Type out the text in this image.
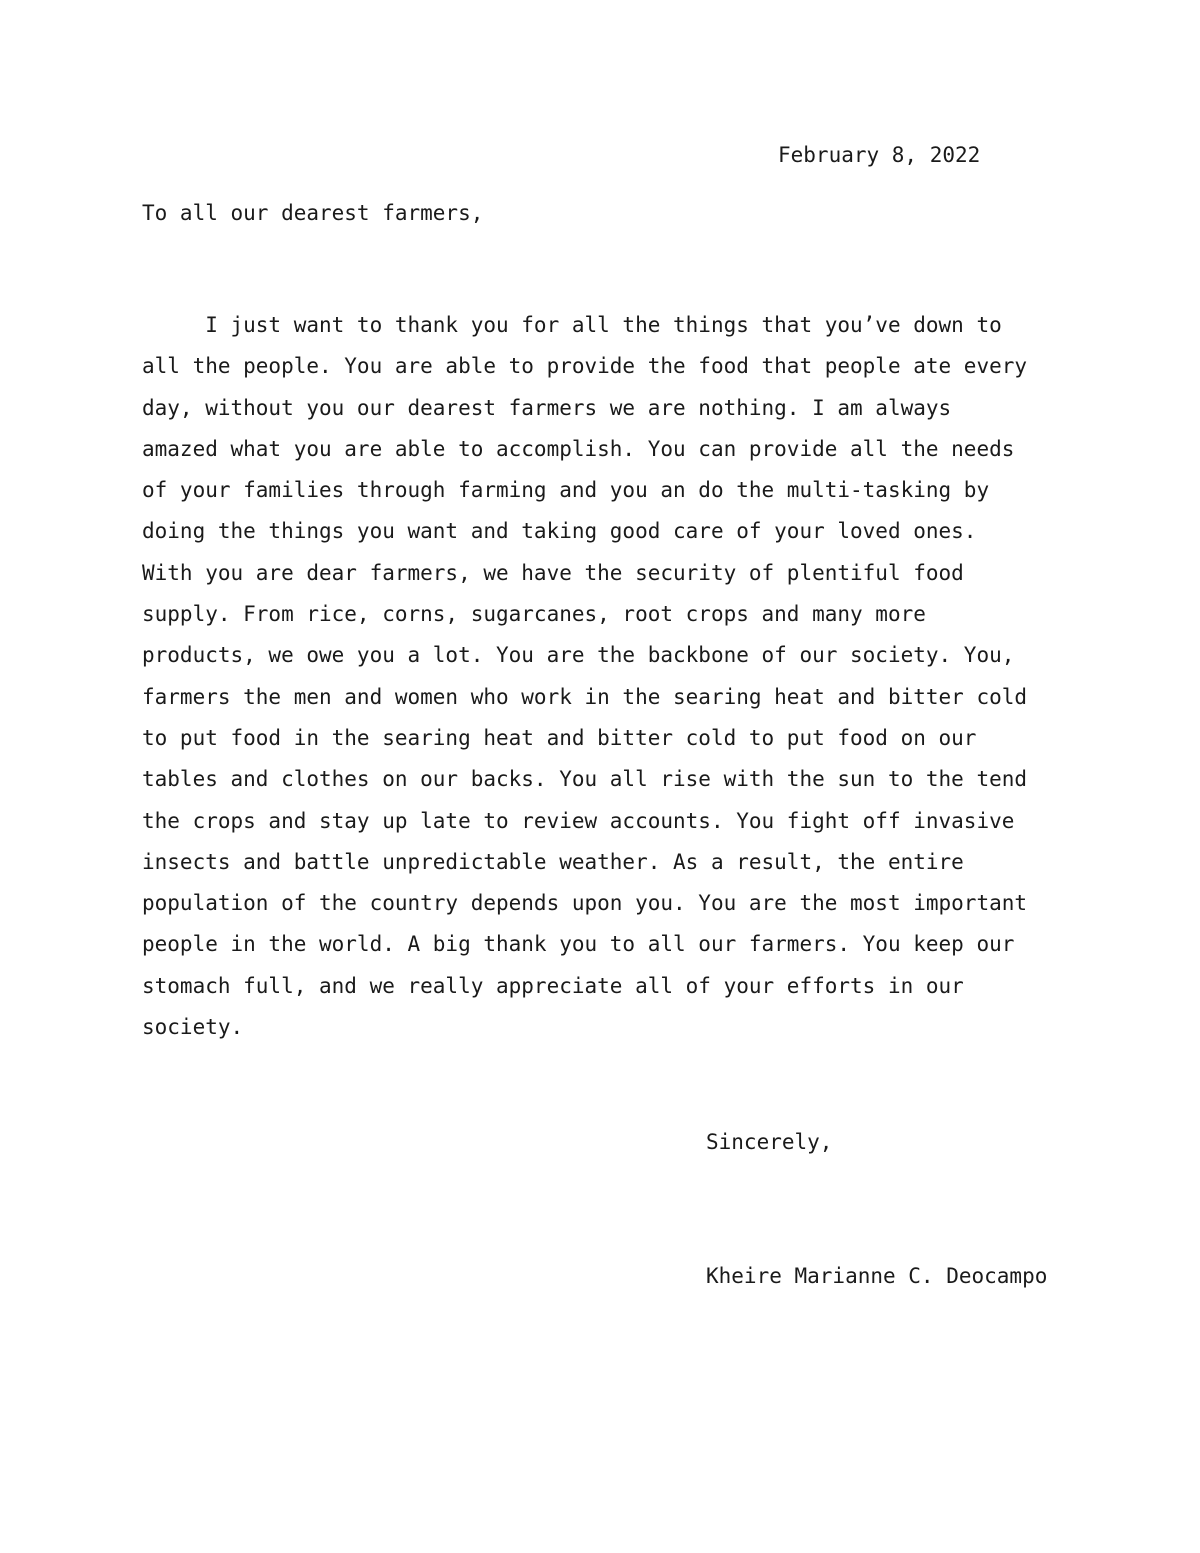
February 8, 2022
To all our dearest farmers,
I just want to thank you for all the things that you’ve down to
all the people. You are able to provide the food that people ate every
day, without you our dearest farmers we are nothing. I am always
amazed what you are able to accomplish. You can provide all the needs
of your families through farming and you an do the multi-tasking by
doing the things you want and taking good care of your loved ones.
With you are dear farmers, we have the security of plentiful food
supply. From rice, corns, sugarcanes, root crops and many more
products, we owe you a lot. You are the backbone of our society. You,
farmers the men and women who work in the searing heat and bitter cold
to put food in the searing heat and bitter cold to put food on our
tables and clothes on our backs. You all rise with the sun to the tend
the crops and stay up late to review accounts. You fight off invasive
insects and battle unpredictable weather. As a result, the entire
population of the country depends upon you. You are the most important
people in the world. A big thank you to all our farmers. You keep our
stomach full, and we really appreciate all of your efforts in our
society.
Sincerely,
Kheire Marianne C. Deocampo
